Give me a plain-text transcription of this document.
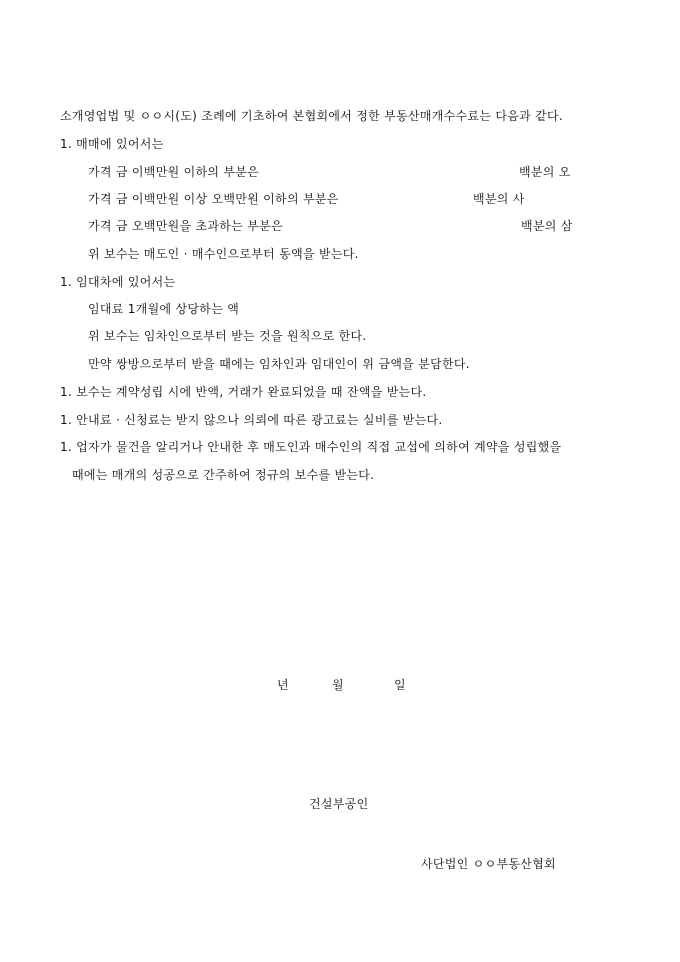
소개영업법 및 ㅇㅇ시(도) 조례에 기초하여 본협회에서 정한 부동산매개수수료는 다음과 같다.
1. 매매에 있어서는
가격 금 이백만원 이하의 부분은	백분의 오
가격 금 이백만원 이상 오백만원 이하의 부분은	백분의 사
가격 금 오백만원을 초과하는 부분은	백분의 삼
위 보수는 매도인 · 매수인으로부터 동액을 받는다.
1. 임대차에 있어서는
임대료 1개월에 상당하는 액
위 보수는 임차인으로부터 받는 것을 원칙으로 한다.
만약 쌍방으로부터 받을 때에는 임차인과 임대인이 위 금액을 분담한다.
1. 보수는 계약성립 시에 반액, 거래가 완료되었을 때 잔액을 받는다.
1. 안내료 · 신청료는 받지 않으나 의뢰에 따른 광고료는 실비를 받는다.
1. 업자가 물건을 알리거나 안내한 후 매도인과 매수인의 직접 교섭에 의하여 계약을 성립했을
때에는 매개의 성공으로 간주하여 정규의 보수를 받는다.
년	월	일
건설부공인
사단법인 ㅇㅇ부동산협회
